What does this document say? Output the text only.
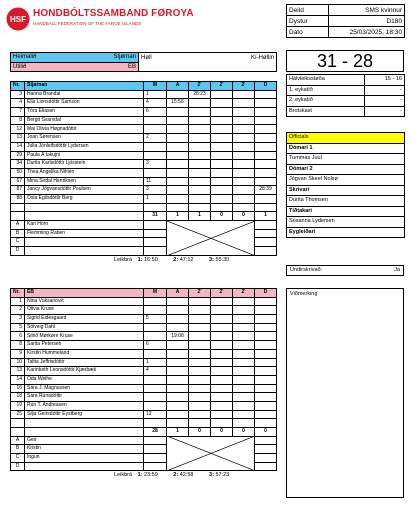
HSF
HONDBÓLTSSAMBAND FØROYA
HANDBALL FEDERATION OF THE FAROE ISLANDS
Deild	SMS kvinnur
Dystur	D180
Dato	25/03/2025, 18:30
Heimalið	Stjørnan	Høll Kí-Høllin

Útilið	EB		31 - 28
Hálvleiksstøða	15 - 16
1. eykatíð	-
2. eykatíð	-
Brotskast	-
Officials
Dómari 1
Tummas Juul
Dómari 2
Jógvan Skeel Nolsø
Skrivari
Durita Thomsen
Tíðtakari
Súsanna Lydersen
Eygleiðari
Undirskrivað:	Ja
Viðmerking
Nr.	Stjørnan	M	Á	2'	2'	2'	D
3	Hanna Brandal	1		28:23			
4	Ella Lionsdóttir Samson	4	15:56				
7	Tóra Eliasen	6					
8	Bergit Svarvdal						
12	Mai Olivia Høgnadóttir						
13	Joan Sørensen	2					
14	Julia Jónleifsdóttir Lydersen						
29	Paula Á lakujni						
34	Durita Karlsdóttir Ljósstein	3					
50	Thea Angelika Nihlen						
67	Mina Sirdal Henriksen	11					
87	Jancy Jógvansdóttir Poulsen	3					28:39
88	Osla Egilsdóttir Berg	1					

		31	1	1	0	0	1
A	Kári Horn						
B	Flemming Raben						
C							
D							
Leikbrá 1: 16:50	2: 47:12	3: 55:30
Nr.	EB	M	Á	2'	2'	2'	D
1	Nina Vuksanovic						
2	Olivia Kruse						
3	Sigrid Eidesgaard	5					
5	Sólveig Dahl						
6	Silrið Mørkøre Kruse		19:08				
8	Sarita Petersen	6					
9	Kirstin Hummeland						
10	Talita Jeffrisdóttir	1					
13	Karinbeth Leonsdóttir Kjærbæk	4					
14	Oda Weihe						
16	Sára J. Magnussen						
18	Sára Rúnadóttir						
19	Rún T. Andreasen						
25	Silja Geirsdóttir Eystberg	12					

		28	1	0	0	0	0
A	Geir						
B	Kristin						
C	Ingun						
D							
Leikbrá 1: 23:59	2: 42:58	3: 57:23
